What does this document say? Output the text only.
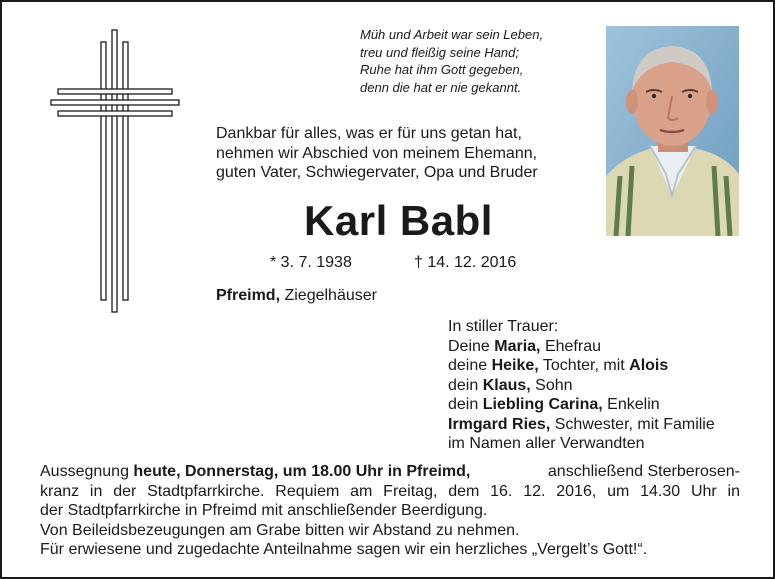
Müh und Arbeit war sein Leben,
treu und fleißig seine Hand;
Ruhe hat ihm Gott gegeben,
denn die hat er nie gekannt.
Dankbar für alles, was er für uns getan hat,
nehmen wir Abschied von meinem Ehemann,
guten Vater, Schwiegervater, Opa und Bruder
Karl Babl
* 3. 7. 1938	† 14. 12. 2016
Pfreimd, Ziegelhäuser
In stiller Trauer:
Deine Maria, Ehefrau
deine Heike, Tochter, mit Alois
dein Klaus, Sohn
dein Liebling Carina, Enkelin
Irmgard Ries, Schwester, mit Familie
im Namen aller Verwandten
Aussegnung heute, Donnerstag, um 18.00 Uhr in Pfreimd,	anschließend Sterberosen-
kranz in der Stadtpfarrkirche. Requiem am Freitag, dem 16. 12. 2016, um 14.30 Uhr in
der Stadtpfarrkirche in Pfreimd mit anschließender Beerdigung.
Von Beileidsbezeugungen am Grabe bitten wir Abstand zu nehmen.
Für erwiesene und zugedachte Anteilnahme sagen wir ein herzliches „Vergelt’s Gott!“.
